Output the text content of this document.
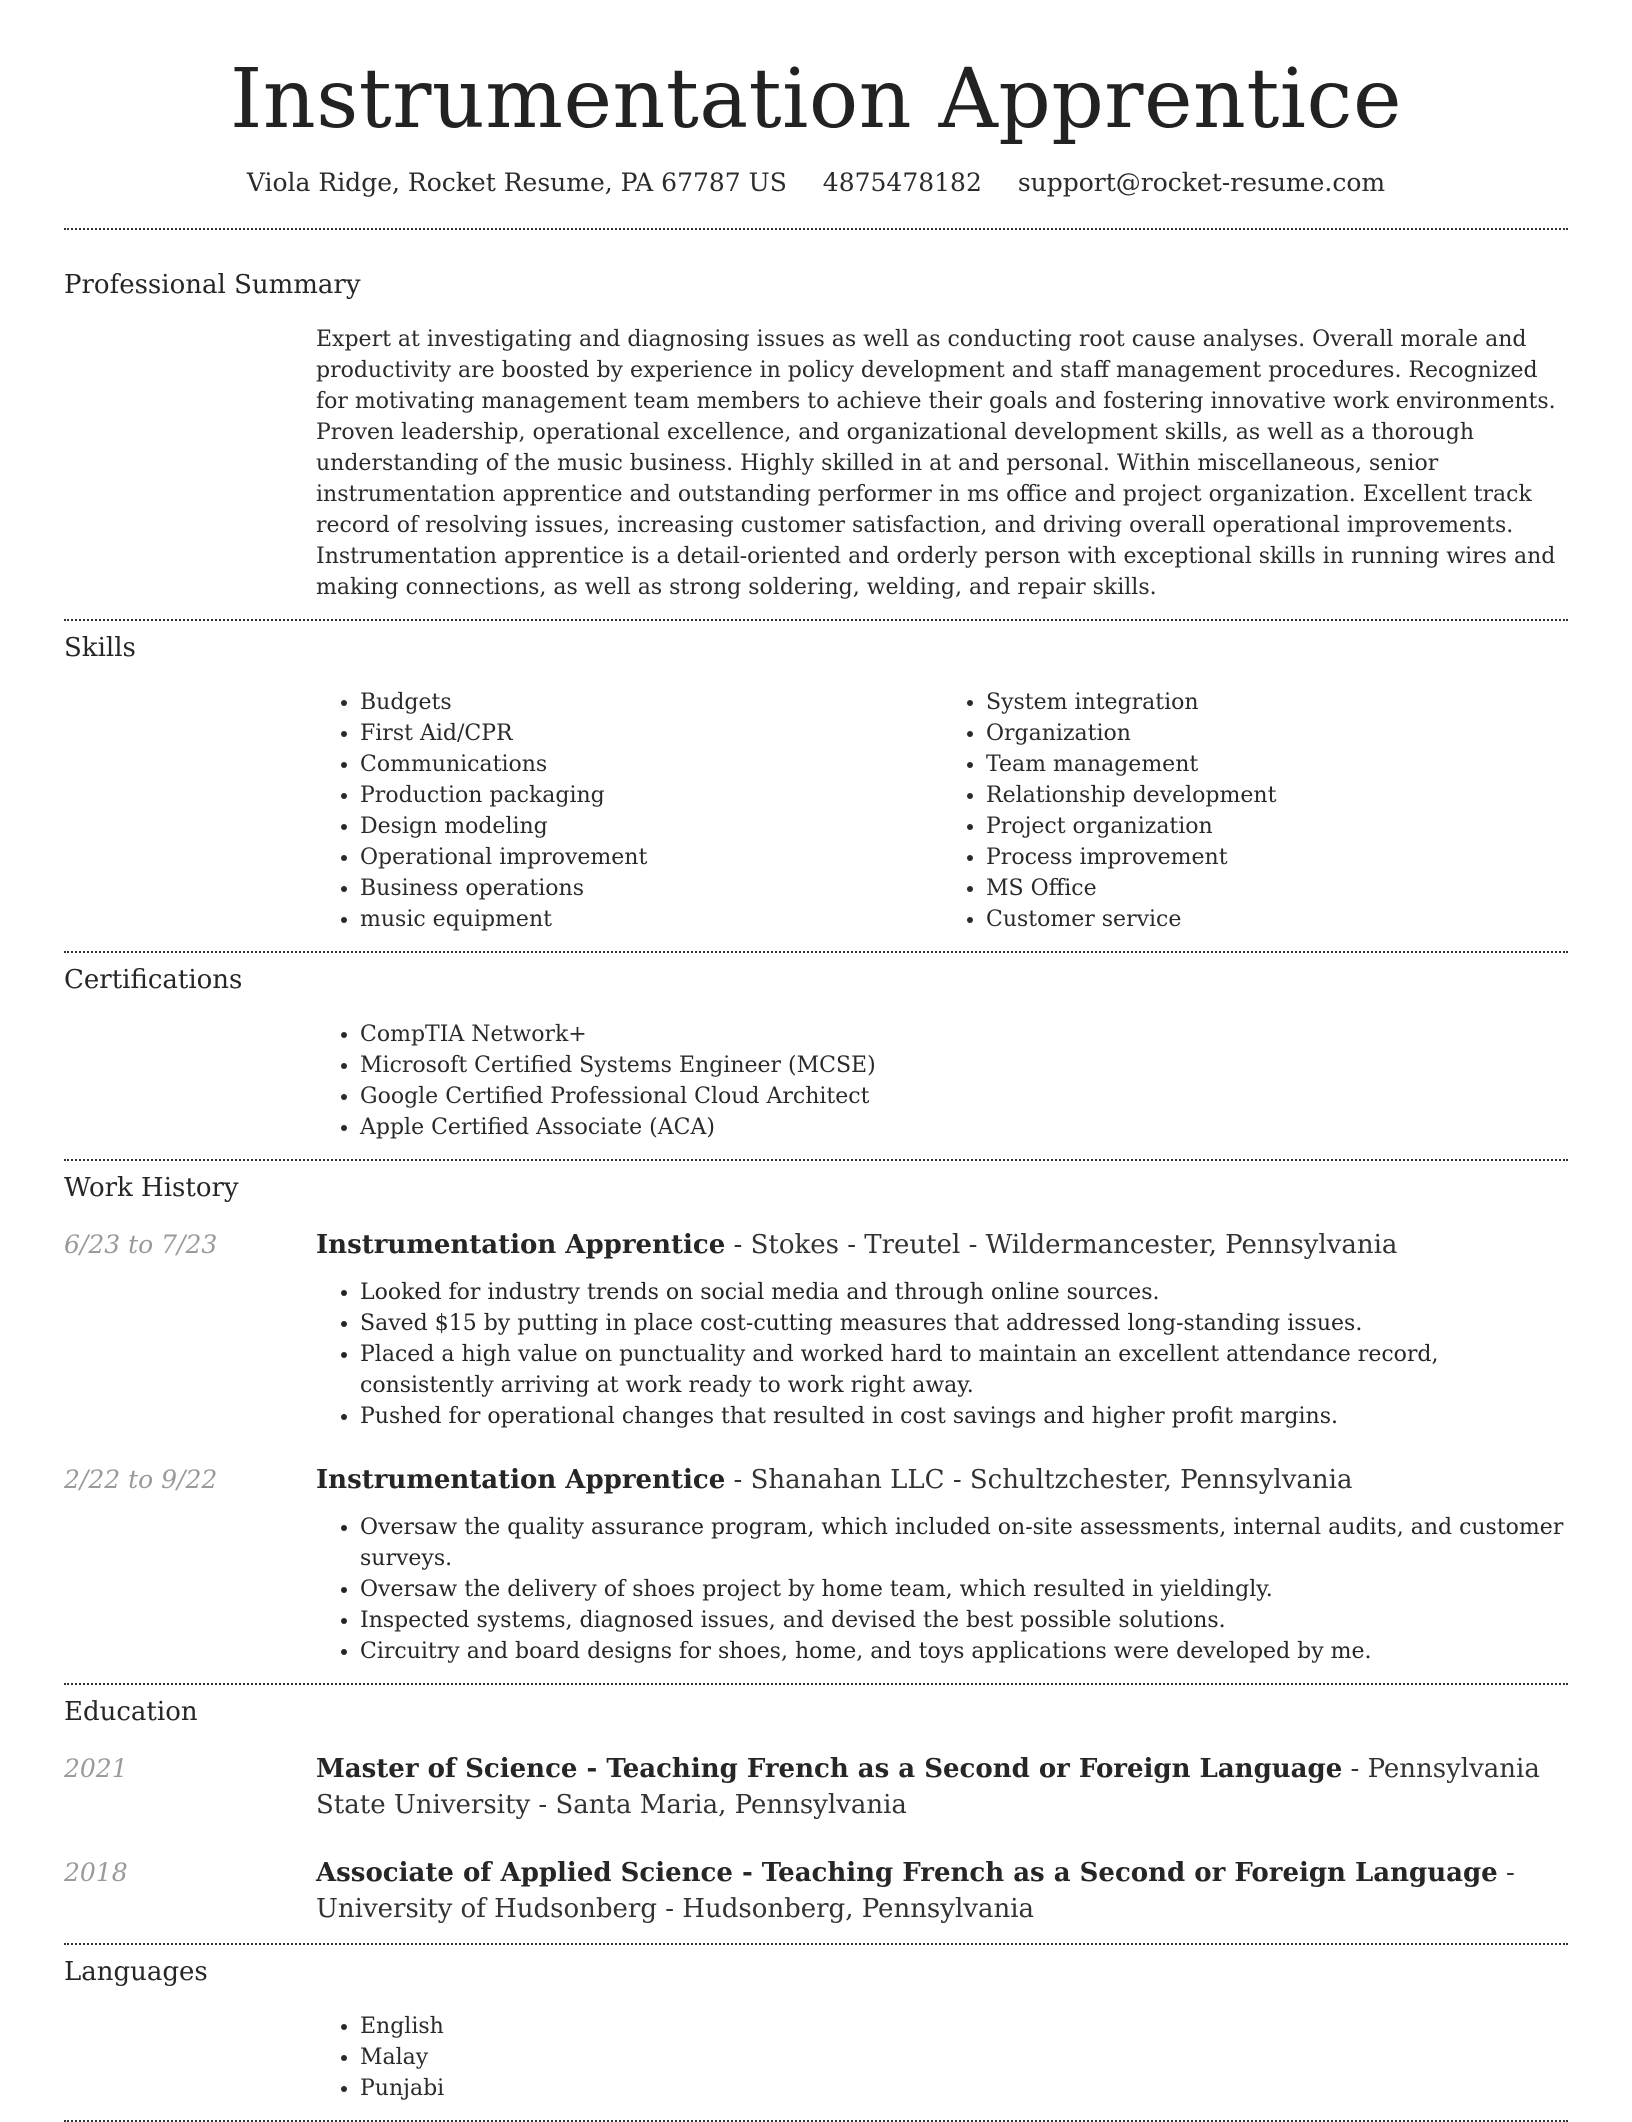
Instrumentation Apprentice
Viola Ridge, Rocket Resume, PA 67787 US 4875478182 support@rocket-resume.com
Professional Summary

Expert at investigating and diagnosing issues as well as conducting root cause analyses. Overall morale and productivity are boosted by experience in policy development and staff management procedures. Recognized for motivating management team members to achieve their goals and fostering innovative work environments. Proven leadership, operational excellence, and organizational development skills, as well as a thorough understanding of the music business. Highly skilled in at and personal. Within miscellaneous, senior instrumentation apprentice and outstanding performer in ms office and project organization. Excellent track record of resolving issues, increasing customer satisfaction, and driving overall operational improvements. Instrumentation apprentice is a detail-oriented and orderly person with exceptional skills in running wires and making connections, as well as strong soldering, welding, and repair skills.

Skills
• Budgets
• First Aid/CPR
• Communications
• Production packaging
• Design modeling
• Operational improvement
• Business operations
• music equipment
• System integration
• Organization
• Team management
• Relationship development
• Project organization
• Process improvement
• MS Office
• Customer service
Certifications
• CompTIA Network+
• Microsoft Certified Systems Engineer (MCSE)
• Google Certified Professional Cloud Architect
• Apple Certified Associate (ACA)
Work History
6/23 to 7/23	Instrumentation Apprentice - Stokes - Treutel - Wildermancester, Pennsylvania

• Looked for industry trends on social media and through online sources.
• Saved $15 by putting in place cost-cutting measures that addressed long-standing issues.
• Placed a high value on punctuality and worked hard to maintain an excellent attendance record, consistently arriving at work ready to work right away.
• Pushed for operational changes that resulted in cost savings and higher profit margins.
2/22 to 9/22	Instrumentation Apprentice - Shanahan LLC - Schultzchester, Pennsylvania

• Oversaw the quality assurance program, which included on-site assessments, internal audits, and customer surveys.
• Oversaw the delivery of shoes project by home team, which resulted in yieldingly.
• Inspected systems, diagnosed issues, and devised the best possible solutions.
• Circuitry and board designs for shoes, home, and toys applications were developed by me.
Education
2021	Master of Science - Teaching French as a Second or Foreign Language - Pennsylvania State University - Santa Maria, Pennsylvania

2018	Associate of Applied Science - Teaching French as a Second or Foreign Language - University of Hudsonberg - Hudsonberg, Pennsylvania

Languages
• English
• Malay
• Punjabi
